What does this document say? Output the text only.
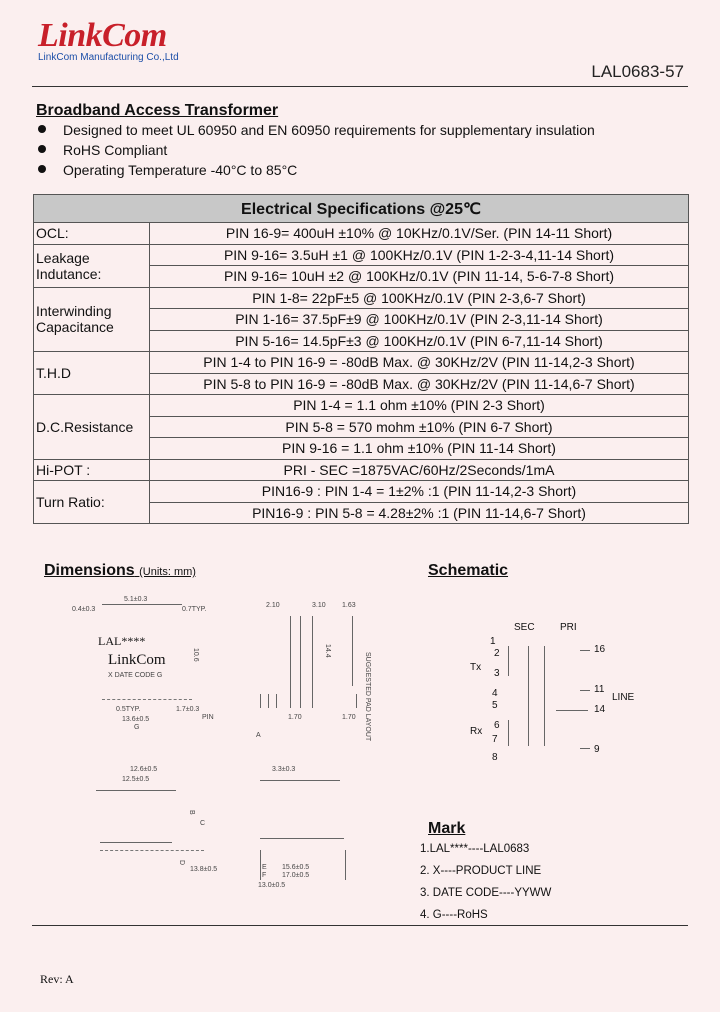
LinkCom
LinkCom Manufacturing Co.,Ltd
LAL0683-57
Broadband Access Transformer
Designed to meet UL 60950 and EN 60950 requirements for supplementary insulation
RoHS Compliant
Operating Temperature -40°C to 85°C
Electrical Specifications @25℃	
OCL:	PIN 16-9= 400uH ±10% @ 10KHz/0.1V/Ser. (PIN 14-11 Short)
Leakage Indutance:	PIN 9-16= 3.5uH ±1 @ 100KHz/0.1V (PIN 1-2-3-4,11-14 Short)
	PIN 9-16= 10uH ±2 @ 100KHz/0.1V (PIN 11-14, 5-6-7-8 Short)
Interwinding Capacitance	PIN 1-8= 22pF±5 @ 100KHz/0.1V (PIN 2-3,6-7 Short)
	PIN 1-16= 37.5pF±9 @ 100KHz/0.1V (PIN 2-3,11-14 Short)
	PIN 5-16= 14.5pF±3 @ 100KHz/0.1V (PIN 6-7,11-14 Short)
T.H.D	PIN 1-4 to PIN 16-9 = -80dB Max. @ 30KHz/2V (PIN 11-14,2-3 Short)
	PIN 5-8 to PIN 16-9 = -80dB Max. @ 30KHz/2V (PIN 11-14,6-7 Short)
D.C.Resistance	PIN 1-4 = 1.1 ohm ±10% (PIN 2-3 Short)
	PIN 5-8 = 570 mohm ±10% (PIN 6-7 Short)
	PIN 9-16 = 1.1 ohm ±10% (PIN 11-14 Short)
Hi-POT :	PRI - SEC =1875VAC/60Hz/2Seconds/1mA
Turn Ratio:	PIN16-9 : PIN 1-4 = 1±2% :1 (PIN 11-14,2-3 Short)
	PIN16-9 : PIN 5-8 = 4.28±2% :1 (PIN 11-14,6-7 Short)
Dimensions (Units: mm)
5.1±0.3
0.4±0.3	0.7TYP.
LAL****
LinkCom
X DATE CODE G
10.6
0.5TYP.	1.7±0.3
PIN
13.6±0.5
G
2.10	3.10 1.63
14.4
SUGGESTED PAD LAYOUT
1.70	1.70
A
12.6±0.5
12.5±0.5
B
C
D
13.8±0.5
3.3±0.3
E
F
13.0±0.5
15.6±0.5
17.0±0.5
Schematic
SEC	PRI
1
2
Tx
3
4
5
Rx
6
7
8
16
11
LINE
14
9
Mark
1.LAL****----LAL0683
2. X----PRODUCT LINE
3. DATE CODE----YYWW
4. G----RoHS
Rev: A
